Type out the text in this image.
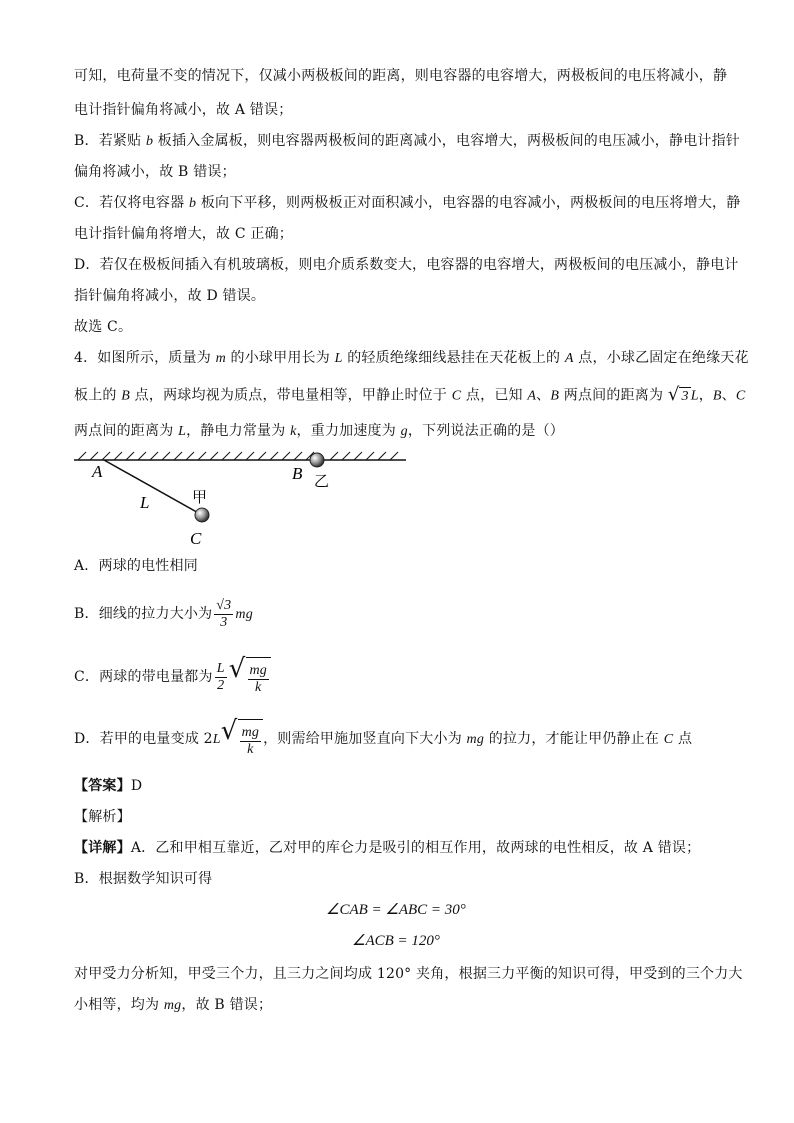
可知，电荷量不变的情况下，仅减小两极板间的距离，则电容器的电容增大，两极板间的电压将减小，静
电计指针偏角将减小，故 A 错误；
B．若紧贴 b 板插入金属板，则电容器两极板间的距离减小，电容增大，两极板间的电压减小，静电计指针
偏角将减小，故 B 错误；
C．若仅将电容器 b 板向下平移，则两极板正对面积减小，电容器的电容减小，两极板间的电压将增大，静
电计指针偏角将增大，故 C 正确；
D．若仅在极板间插入有机玻璃板，则电介质系数变大，电容器的电容增大，两极板间的电压减小，静电计
指针偏角将减小，故 D 错误。
故选 C。
4．如图所示，质量为 m 的小球甲用长为 L 的轻质绝缘细线悬挂在天花板上的 A 点，小球乙固定在绝缘天花
板上的 B 点，两球均视为质点，带电量相等，甲静止时位于 C 点，已知 A、B 两点间的距离为 √ 3 L，B、C
两点间的距离为 L，静电力常量为 k，重力加速度为 g，下列说法正确的是（）
A	B
L
C
甲
乙
A．两球的电性相同
B．细线的拉力大小为 $\frac{√3}{3}$ mg
C．两球的带电量都为 $\frac{L}{2}$ √ $\frac{mg}{k}$
D．若甲的电量变成 2L √ $\frac{mg}{k}$ ，则需给甲施加竖直向下大小为 mg 的拉力，才能让甲仍静止在 C 点
【答案】D
【解析】
【详解】A．乙和甲相互靠近，乙对甲的库仑力是吸引的相互作用，故两球的电性相反，故 A 错误；
B．根据数学知识可得
∠CAB = ∠ABC = 30°
∠ACB = 120°
对甲受力分析知，甲受三个力，且三力之间均成 120° 夹角，根据三力平衡的知识可得，甲受到的三个力大
小相等，均为 mg，故 B 错误；
